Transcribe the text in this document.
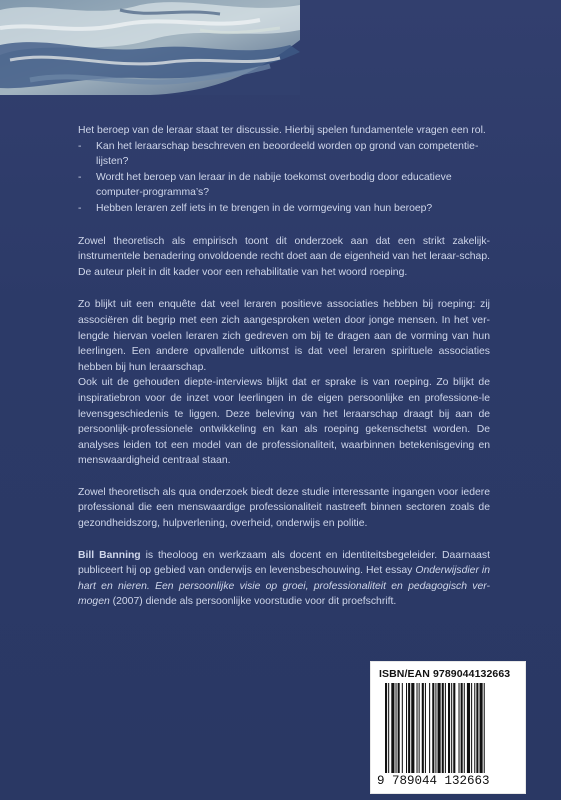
Het beroep van de leraar staat ter discussie. Hierbij spelen fundamentele vragen een rol.

- Kan het leraarschap beschreven en beoordeeld worden op grond van competentie-lijsten?
- Wordt het beroep van leraar in de nabije toekomst overbodig door educatieve computer-programma’s?
- Hebben leraren zelf iets in te brengen in de vormgeving van hun beroep?

Zowel theoretisch als empirisch toont dit onderzoek aan dat een strikt zakelijk-instrumentele benadering onvoldoende recht doet aan de eigenheid van het leraar-schap. De auteur pleit in dit kader voor een rehabilitatie van het woord roeping.

Zo blijkt uit een enquête dat veel leraren positieve associaties hebben bij roeping: zij associëren dit begrip met een zich aangesproken weten door jonge mensen. In het ver-lengde hiervan voelen leraren zich gedreven om bij te dragen aan de vorming van hun leerlingen. Een andere opvallende uitkomst is dat veel leraren spirituele associaties hebben bij hun leraarschap.

Ook uit de gehouden diepte-interviews blijkt dat er sprake is van roeping. Zo blijkt de inspiratiebron voor de inzet voor leerlingen in de eigen persoonlijke en professione-le levensgeschiedenis te liggen. Deze beleving van het leraarschap draagt bij aan de persoonlijk-professionele ontwikkeling en kan als roeping gekenschetst worden. De analyses leiden tot een model van de professionaliteit, waarbinnen betekenisgeving en menswaardigheid centraal staan.

Zowel theoretisch als qua onderzoek biedt deze studie interessante ingangen voor iedere professional die een menswaardige professionaliteit nastreeft binnen sectoren zoals de gezondheidszorg, hulpverlening, overheid, onderwijs en politie.

Bill Banning is theoloog en werkzaam als docent en identiteitsbegeleider. Daarnaast publiceert hij op gebied van onderwijs en levensbeschouwing. Het essay Onderwijsdier in hart en nieren. Een persoonlijke visie op groei, professionaliteit en pedagogisch ver-mogen (2007) diende als persoonlijke voorstudie voor dit proefschrift.

ISBN/EAN 9789044132663
9 789044 132663
